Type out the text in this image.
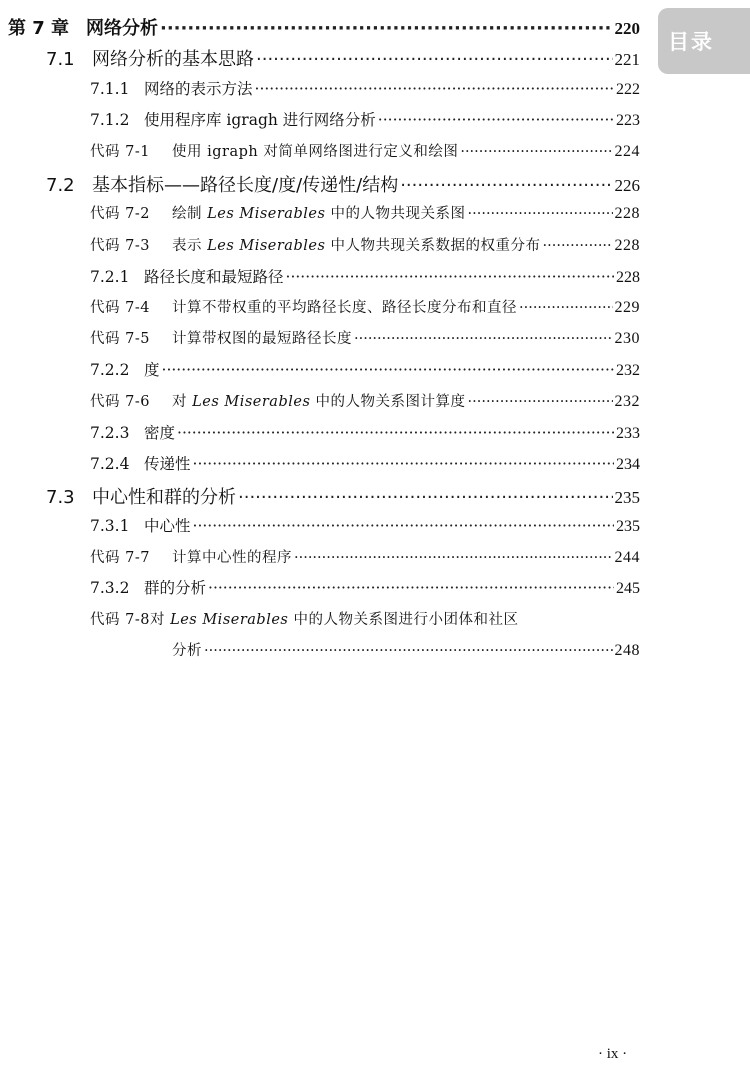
目录
第 7 章 网络分析 ·····	220
7.1 网络分析的基本思路 ·····	221
7.1.1 网络的表示方法 ·····	222
7.1.2 使用程序库 igragh 进行网络分析 ·····	223
代码 7-1	使用 igraph 对简单网络图进行定义和绘图 ·····	224
7.2 基本指标——路径长度/度/传递性/结构 ·····	226
代码 7-2	绘制 Les Miserables 中的人物共现关系图 ·····	228
代码 7-3	表示 Les Miserables 中人物共现关系数据的权重分布 ·····	228
7.2.1 路径长度和最短路径 ·····	228
代码 7-4	计算不带权重的平均路径长度、路径长度分布和直径 ·····	229
代码 7-5	计算带权图的最短路径长度 ·····	230
7.2.2 度 ·····	232
代码 7-6	对 Les Miserables 中的人物关系图计算度 ·····	232
7.2.3 密度 ·····	233
7.2.4 传递性 ·····	234
7.3 中心性和群的分析 ·····	235
7.3.1 中心性 ·····	235
代码 7-7	计算中心性的程序 ·····	244
7.3.2 群的分析 ·····	245
代码 7-8对 Les Miserables 中的人物关系图进行小团体和社区
分析 ·····	248
· ix ·
